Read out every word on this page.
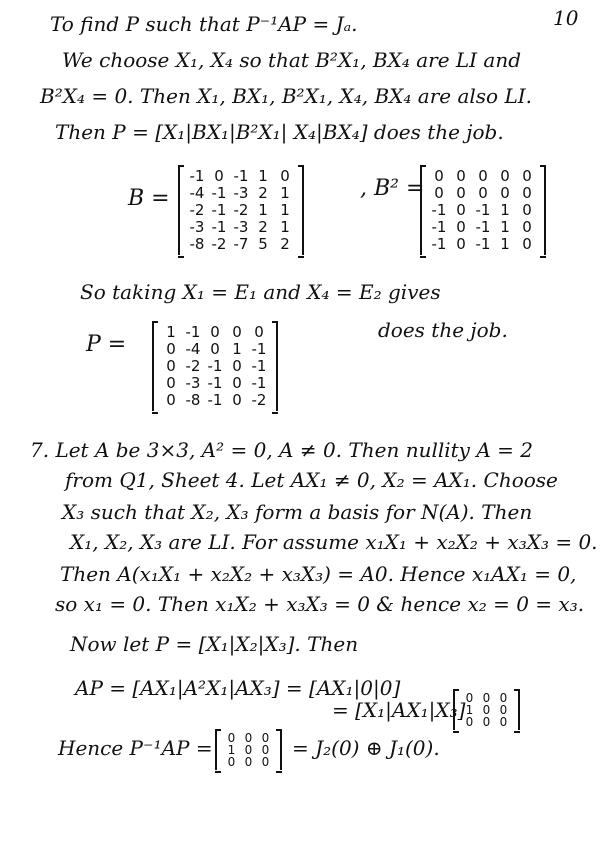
10
To find P such that P⁻¹AP = Jₐ.
We choose X₁, X₄ so that B²X₁, BX₄ are LI and
B²X₄ = 0. Then X₁, BX₁, B²X₁, X₄, BX₄ are also LI.
Then P = [X₁|BX₁|B²X₁| X₄|BX₄] does the job.
B =
-1	0	-1	1	0
-4	-1	-3	2	1
-2	-1	-2	1	1
-3	-1	-3	2	1
-8	-2	-7	5	2
, B² = 0	0	0	0	0
0	0	0	0	0
-1	0	-1	1	0
-1	0	-1	1	0
-1	0	-1	1	0
So taking X₁ = E₁ and X₄ = E₂ gives
P =	1	-1	0	0	0
0	-4	0	1	-1
0	-2	-1	0	-1
0	-3	-1	0	-1
0	-8	-1	0	-2
does the job.
7. Let A be 3×3, A² = 0, A ≠ 0. Then nullity A = 2
from Q1, Sheet 4. Let AX₁ ≠ 0, X₂ = AX₁. Choose
X₃ such that X₂, X₃ form a basis for N(A). Then
X₁, X₂, X₃ are LI. For assume x₁X₁ + x₂X₂ + x₃X₃ = 0.
Then A(x₁X₁ + x₂X₂ + x₃X₃) = A0. Hence x₁AX₁ = 0,
so x₁ = 0. Then x₁X₂ + x₃X₃ = 0 & hence x₂ = 0 = x₃.
Now let P = [X₁|X₂|X₃]. Then
AP = [AX₁|A²X₁|AX₃] = [AX₁|0|0]
= [X₁|AX₁|X₃] 0	0	0
1	0	0
0	0	0
Hence P⁻¹AP = 0	0	0
1	0	0
0	0	0
= J₂(0) ⊕ J₁(0).
